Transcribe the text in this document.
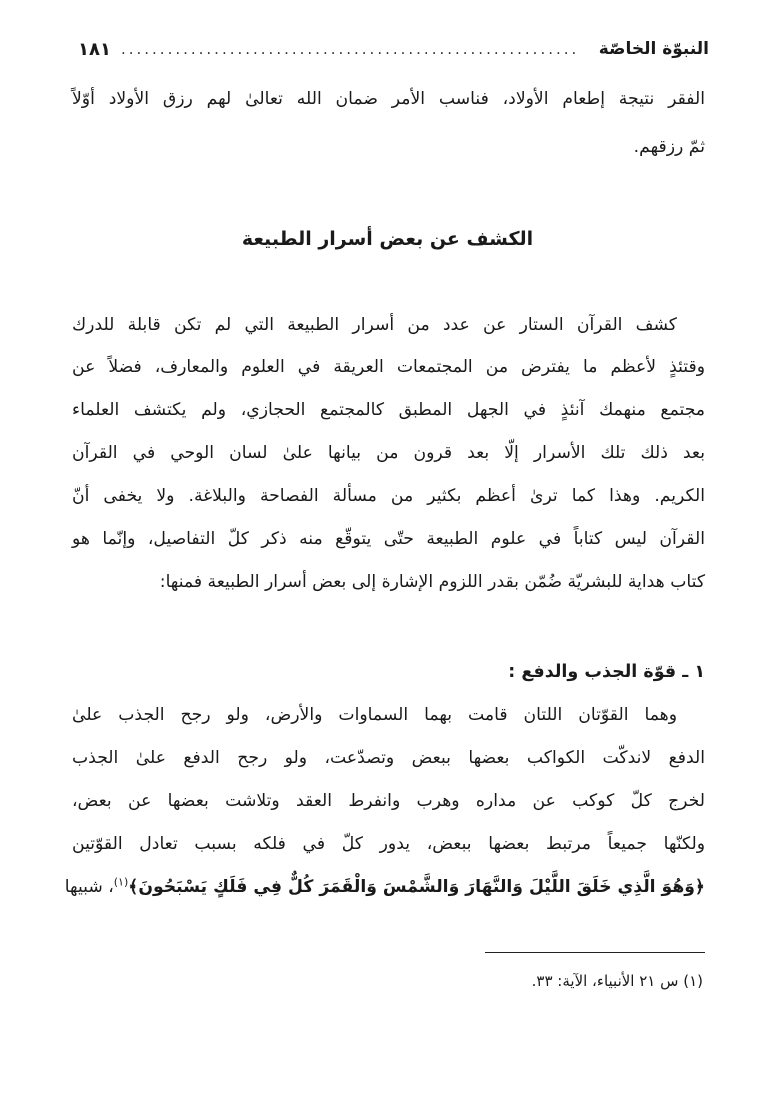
النبوّة الخاصّة
...........................................................
١٨١
الفقر نتيجة إطعام الأولاد، فناسب الأمر ضمان الله تعالىٰ لهم رزق الأولاد أوّلاً
ثمّ رزقهم.
الكشف عن بعض أسرار الطبيعة
كشف القرآن الستار عن عدد من أسرار الطبيعة التي لم تكن قابلة للدرك
وقتئذٍ لأعظم ما يفترض من المجتمعات العريقة في العلوم والمعارف، فضلاً عن
مجتمع منهمك آنئذٍ في الجهل المطبق كالمجتمع الحجازي، ولم يكتشف العلماء
بعد ذلك تلك الأسرار إلّا بعد قرون من بيانها علىٰ لسان الوحي في القرآن
الكريم. وهذا كما ترىٰ أعظم بكثير من مسألة الفصاحة والبلاغة. ولا يخفى أنّ
القرآن ليس كتاباً في علوم الطبيعة حتّى يتوقّع منه ذكر كلّ التفاصيل، وإنّما هو
كتاب هداية للبشريّة ضُمّن بقدر اللزوم الإشارة إلى بعض أسرار الطبيعة فمنها:
١ ـ قوّة الجذب والدفع :
وهما القوّتان اللتان قامت بهما السماوات والأرض، ولو رجح الجذب علىٰ
الدفع لاندكّت الكواكب بعضها ببعض وتصدّعت، ولو رجح الدفع علىٰ الجذب
لخرج كلّ كوكب عن مداره وهرب وانفرط العقد وتلاشت بعضها عن بعض،
ولكنّها جميعاً مرتبط بعضها ببعض، يدور كلّ في فلكه بسبب تعادل القوّتين
﴿وَهُوَ الَّذِي خَلَقَ اللَّيْلَ وَالنَّهَارَ وَالشَّمْسَ وَالْقَمَرَ كُلٌّ فِي فَلَكٍ يَسْبَحُونَ﴾$^{(١)}$، شبيها
(١) س ٢١ الأنبياء، الآية: ٣٣.
